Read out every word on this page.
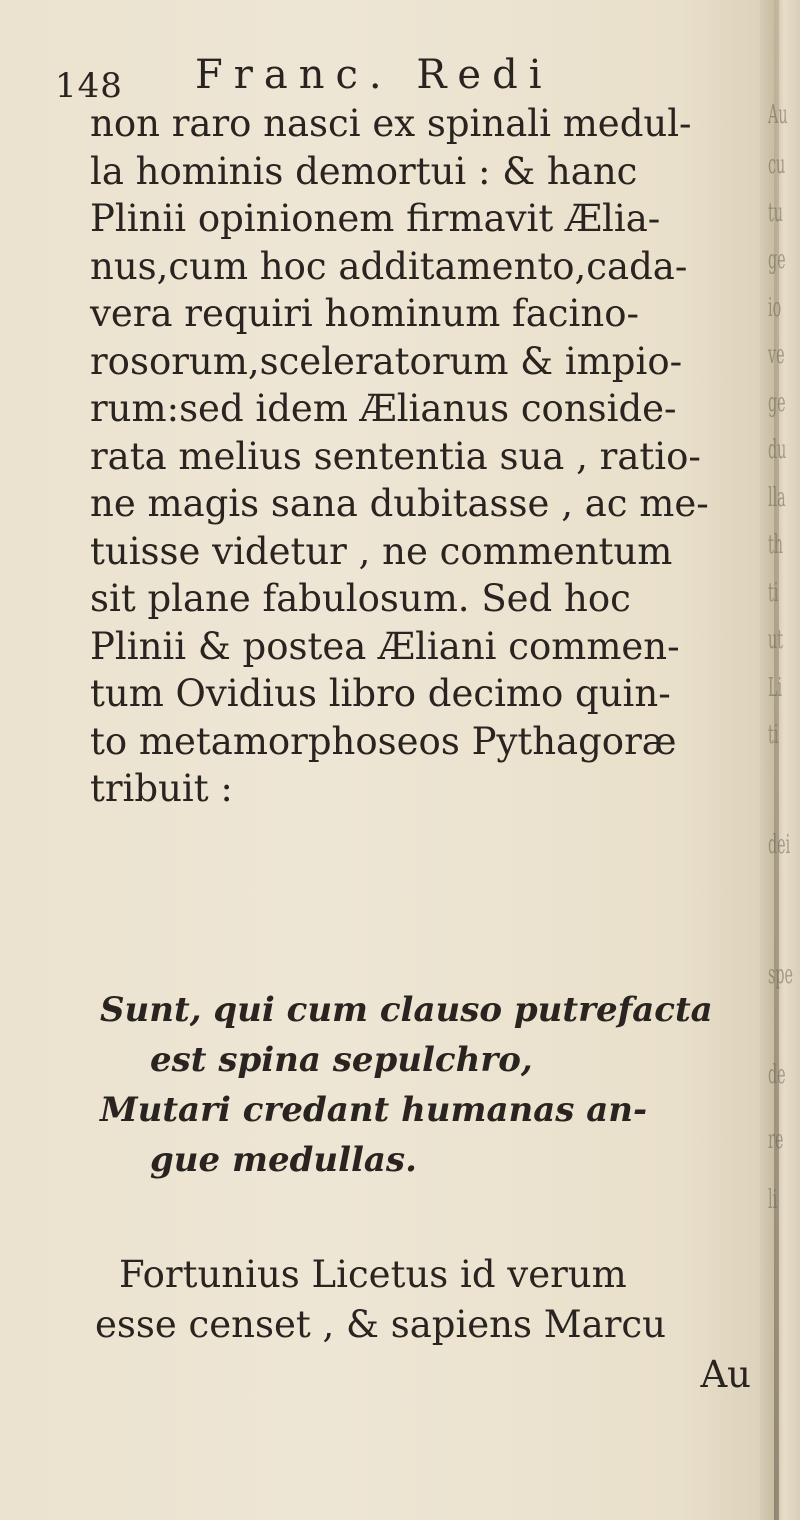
Au
cu
tu
ge
io
ve
ge
du
lla
th
ti
ut
Li
ti
dei
spe
de
re
li
148 Franc. Redi
non raro nasci ex spinali medul-
la hominis demortui : & hanc
Plinii opinionem firmavit Ælia-
nus,cum hoc additamento,cada-
vera requiri hominum facino-
rosorum,sceleratorum & impio-
rum:sed idem Ælianus conside-
rata melius sententia sua , ratio-
ne magis sana dubitasse , ac me-
tuisse videtur , ne commentum
sit plane fabulosum. Sed hoc
Plinii & postea Æliani commen-
tum Ovidius libro decimo quin-
to metamorphoseos Pythagoræ
tribuit :
Sunt, qui cum clauso putrefacta
est spina sepulchro,
Mutari credant humanas an-
gue medullas.
Fortunius Licetus id verum
esse censet , & sapiens Marcu
Au
